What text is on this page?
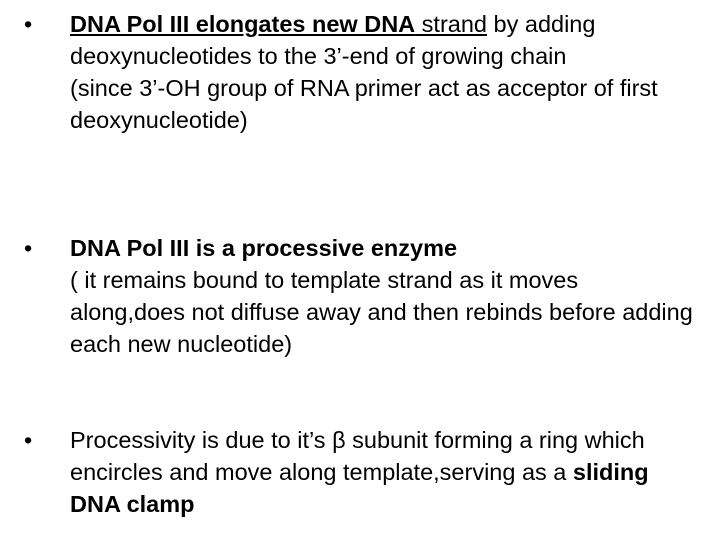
•	DNA Pol III elongates new DNA strand by adding deoxynucleotides to the 3’-end of growing chain
(since 3’-OH group of RNA primer act as acceptor of first deoxynucleotide)
•	DNA Pol III is a processive enzyme
( it remains bound to template strand as it moves along,does not diffuse away and then rebinds before adding each new nucleotide)
•	Processivity is due to it’s β subunit forming a ring which encircles and move along template,serving as a sliding DNA clamp
